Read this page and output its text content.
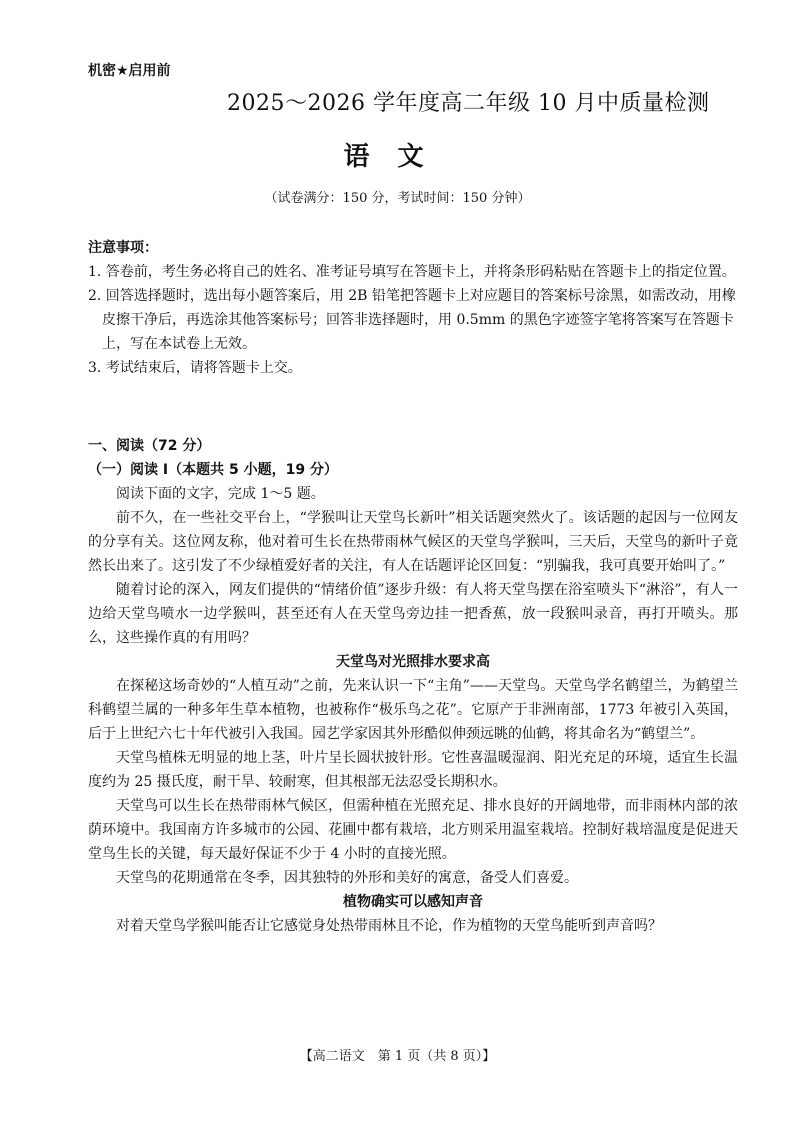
机密★启用前
2025～2026 学年度高二年级 10 月中质量检测
语文
（试卷满分：150 分，考试时间：150 分钟）
注意事项：

1. 答卷前，考生务必将自己的姓名、准考证号填写在答题卡上，并将条形码粘贴在答题卡上的指定位置。

2. 回答选择题时，选出每小题答案后，用 2B 铅笔把答题卡上对应题目的答案标号涂黑，如需改动，用橡皮擦干净后，再选涂其他答案标号；回答非选择题时，用 0.5mm 的黑色字迹签字笔将答案写在答题卡上，写在本试卷上无效。

3. 考试结束后，请将答题卡上交。

一、阅读（72 分）
（一）阅读 Ⅰ（本题共 5 小题，19 分）

阅读下面的文字，完成 1～5 题。

前不久，在一些社交平台上，“学猴叫让天堂鸟长新叶”相关话题突然火了。该话题的起因与一位网友的分享有关。这位网友称，他对着可生长在热带雨林气候区的天堂鸟学猴叫，三天后，天堂鸟的新叶子竟然长出来了。这引发了不少绿植爱好者的关注，有人在话题评论区回复：“别骗我，我可真要开始叫了。”

随着讨论的深入，网友们提供的“情绪价值”逐步升级：有人将天堂鸟摆在浴室喷头下“淋浴”，有人一边给天堂鸟喷水一边学猴叫，甚至还有人在天堂鸟旁边挂一把香蕉，放一段猴叫录音，再打开喷头。那么，这些操作真的有用吗？

天堂鸟对光照排水要求高

在探秘这场奇妙的“人植互动”之前，先来认识一下“主角”——天堂鸟。天堂鸟学名鹤望兰，为鹤望兰科鹤望兰属的一种多年生草本植物，也被称作“极乐鸟之花”。它原产于非洲南部，1773 年被引入英国，后于上世纪六七十年代被引入我国。园艺学家因其外形酷似伸颈远眺的仙鹤，将其命名为“鹤望兰”。

天堂鸟植株无明显的地上茎，叶片呈长圆状披针形。它性喜温暖湿润、阳光充足的环境，适宜生长温度约为 25 摄氏度，耐干旱、较耐寒，但其根部无法忍受长期积水。

天堂鸟可以生长在热带雨林气候区，但需种植在光照充足、排水良好的开阔地带，而非雨林内部的浓荫环境中。我国南方许多城市的公园、花圃中都有栽培，北方则采用温室栽培。控制好栽培温度是促进天堂鸟生长的关键，每天最好保证不少于 4 小时的直接光照。

天堂鸟的花期通常在冬季，因其独特的外形和美好的寓意，备受人们喜爱。

植物确实可以感知声音

对着天堂鸟学猴叫能否让它感觉身处热带雨林且不论，作为植物的天堂鸟能听到声音吗？

【高二语文　第 1 页（共 8 页）】
